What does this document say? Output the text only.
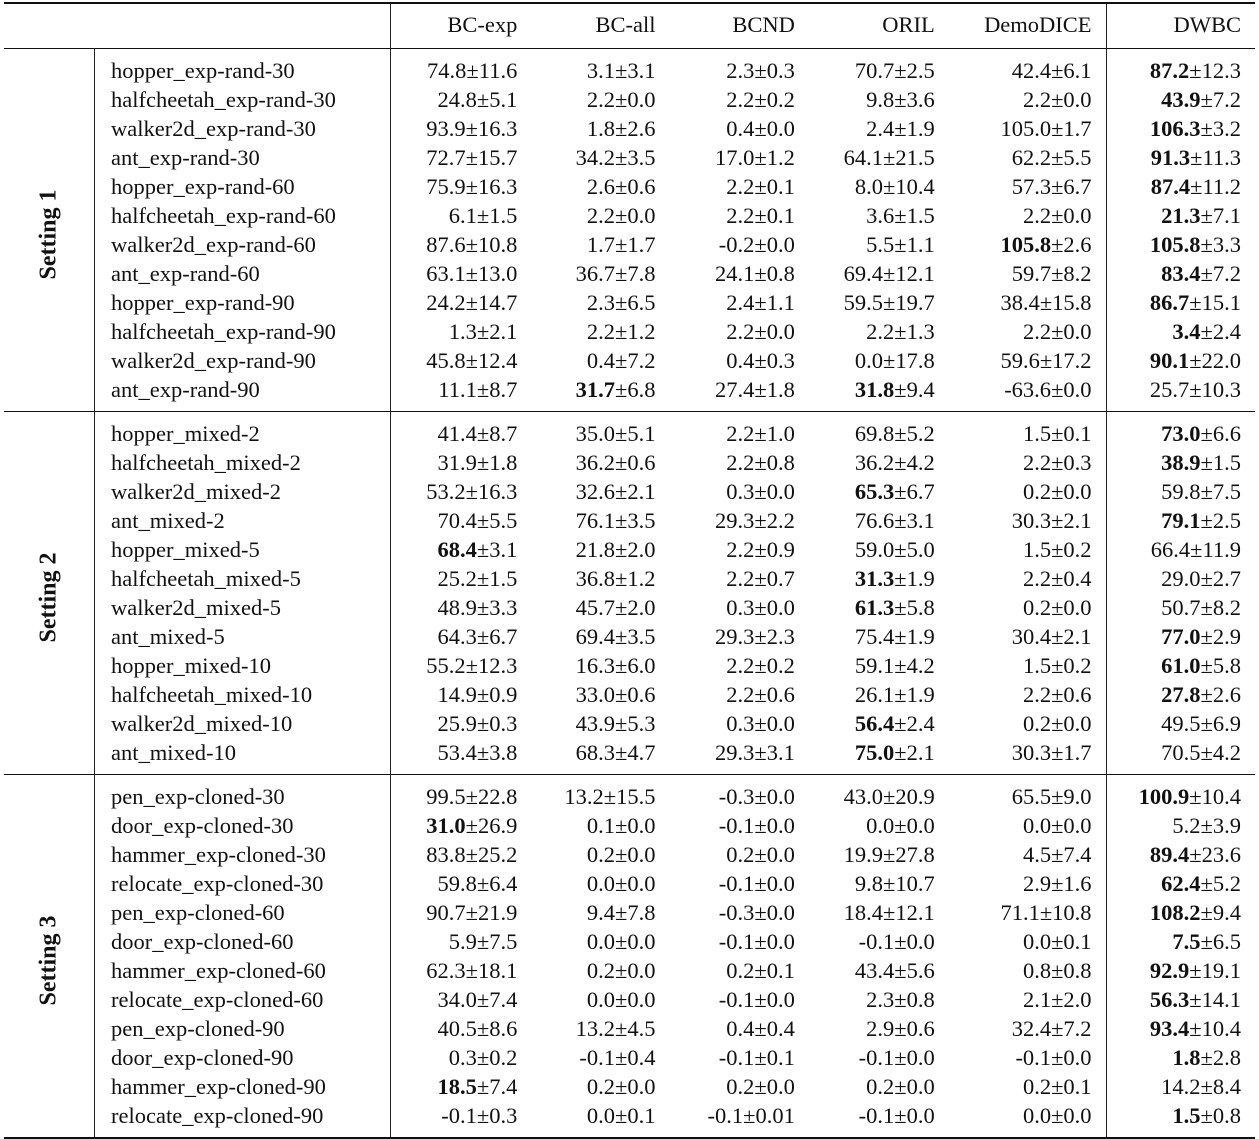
		BC-exp	BC-all	BCND	ORIL	DemoDICE	DWBC
Setting 1	hopper_exp-rand-30	74.8±11.6	3.1±3.1	2.3±0.3	70.7±2.5	42.4±6.1	87.2±12.3
	halfcheetah_exp-rand-30	24.8±5.1	2.2±0.0	2.2±0.2	9.8±3.6	2.2±0.0	43.9±7.2
	walker2d_exp-rand-30	93.9±16.3	1.8±2.6	0.4±0.0	2.4±1.9	105.0±1.7	106.3±3.2
	ant_exp-rand-30	72.7±15.7	34.2±3.5	17.0±1.2	64.1±21.5	62.2±5.5	91.3±11.3
	hopper_exp-rand-60	75.9±16.3	2.6±0.6	2.2±0.1	8.0±10.4	57.3±6.7	87.4±11.2
	halfcheetah_exp-rand-60	6.1±1.5	2.2±0.0	2.2±0.1	3.6±1.5	2.2±0.0	21.3±7.1
	walker2d_exp-rand-60	87.6±10.8	1.7±1.7	-0.2±0.0	5.5±1.1	105.8±2.6	105.8±3.3
	ant_exp-rand-60	63.1±13.0	36.7±7.8	24.1±0.8	69.4±12.1	59.7±8.2	83.4±7.2
	hopper_exp-rand-90	24.2±14.7	2.3±6.5	2.4±1.1	59.5±19.7	38.4±15.8	86.7±15.1
	halfcheetah_exp-rand-90	1.3±2.1	2.2±1.2	2.2±0.0	2.2±1.3	2.2±0.0	3.4±2.4
	walker2d_exp-rand-90	45.8±12.4	0.4±7.2	0.4±0.3	0.0±17.8	59.6±17.2	90.1±22.0
	ant_exp-rand-90	11.1±8.7	31.7±6.8	27.4±1.8	31.8±9.4	-63.6±0.0	25.7±10.3
Setting 2	hopper_mixed-2	41.4±8.7	35.0±5.1	2.2±1.0	69.8±5.2	1.5±0.1	73.0±6.6
	halfcheetah_mixed-2	31.9±1.8	36.2±0.6	2.2±0.8	36.2±4.2	2.2±0.3	38.9±1.5
	walker2d_mixed-2	53.2±16.3	32.6±2.1	0.3±0.0	65.3±6.7	0.2±0.0	59.8±7.5
	ant_mixed-2	70.4±5.5	76.1±3.5	29.3±2.2	76.6±3.1	30.3±2.1	79.1±2.5
	hopper_mixed-5	68.4±3.1	21.8±2.0	2.2±0.9	59.0±5.0	1.5±0.2	66.4±11.9
	halfcheetah_mixed-5	25.2±1.5	36.8±1.2	2.2±0.7	31.3±1.9	2.2±0.4	29.0±2.7
	walker2d_mixed-5	48.9±3.3	45.7±2.0	0.3±0.0	61.3±5.8	0.2±0.0	50.7±8.2
	ant_mixed-5	64.3±6.7	69.4±3.5	29.3±2.3	75.4±1.9	30.4±2.1	77.0±2.9
	hopper_mixed-10	55.2±12.3	16.3±6.0	2.2±0.2	59.1±4.2	1.5±0.2	61.0±5.8
	halfcheetah_mixed-10	14.9±0.9	33.0±0.6	2.2±0.6	26.1±1.9	2.2±0.6	27.8±2.6
	walker2d_mixed-10	25.9±0.3	43.9±5.3	0.3±0.0	56.4±2.4	0.2±0.0	49.5±6.9
	ant_mixed-10	53.4±3.8	68.3±4.7	29.3±3.1	75.0±2.1	30.3±1.7	70.5±4.2
Setting 3	pen_exp-cloned-30	99.5±22.8	13.2±15.5	-0.3±0.0	43.0±20.9	65.5±9.0	100.9±10.4
	door_exp-cloned-30	31.0±26.9	0.1±0.0	-0.1±0.0	0.0±0.0	0.0±0.0	5.2±3.9
	hammer_exp-cloned-30	83.8±25.2	0.2±0.0	0.2±0.0	19.9±27.8	4.5±7.4	89.4±23.6
	relocate_exp-cloned-30	59.8±6.4	0.0±0.0	-0.1±0.0	9.8±10.7	2.9±1.6	62.4±5.2
	pen_exp-cloned-60	90.7±21.9	9.4±7.8	-0.3±0.0	18.4±12.1	71.1±10.8	108.2±9.4
	door_exp-cloned-60	5.9±7.5	0.0±0.0	-0.1±0.0	-0.1±0.0	0.0±0.1	7.5±6.5
	hammer_exp-cloned-60	62.3±18.1	0.2±0.0	0.2±0.1	43.4±5.6	0.8±0.8	92.9±19.1
	relocate_exp-cloned-60	34.0±7.4	0.0±0.0	-0.1±0.0	2.3±0.8	2.1±2.0	56.3±14.1
	pen_exp-cloned-90	40.5±8.6	13.2±4.5	0.4±0.4	2.9±0.6	32.4±7.2	93.4±10.4
	door_exp-cloned-90	0.3±0.2	-0.1±0.4	-0.1±0.1	-0.1±0.0	-0.1±0.0	1.8±2.8
	hammer_exp-cloned-90	18.5±7.4	0.2±0.0	0.2±0.0	0.2±0.0	0.2±0.1	14.2±8.4
	relocate_exp-cloned-90	-0.1±0.3	0.0±0.1	-0.1±0.01	-0.1±0.0	0.0±0.0	1.5±0.8
